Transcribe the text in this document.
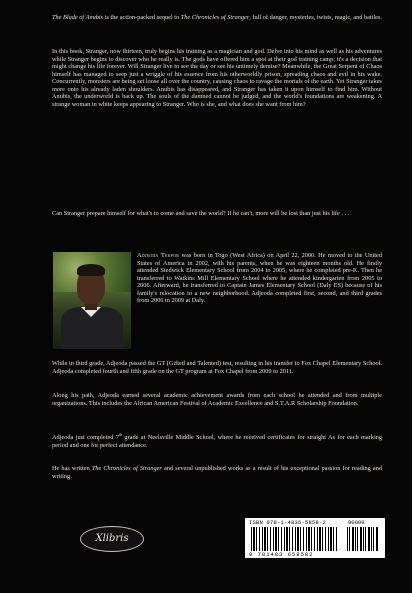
The Blade of Anubis is the action-packed sequel to The Chronicles of Stranger, full of danger, mysteries, twists, magic, and battles.

In this book, Stranger, now thirteen, truly begins his training as a magician and god. Delve into his mind as well as his adventures while Stranger begins to discover who he really is. The gods have offered him a spot at their god training camp; it's a decision that might change his life forever. Will Stranger live to see the day or see his untimely demise? Meanwhile, the Great Serpent of Chaos himself has managed to seep just a wriggle of his essence from his otherworldly prison, spreading chaos and evil in his wake. Concurrently, monsters are being set loose all over the country, causing chaos to ravage the mortals of the earth. Yet Stranger takes more onto his already laden shoulders. Anubis has disappeared, and Stranger has taken it upon himself to find him. Without Anubis, the underworld is back up. The souls of the damned cannot be judged, and the world's foundations are weakening. A strange woman in white keeps appearing to Stranger. Who is she, and what does she want from him?

Can Stranger prepare himself for what's to come and save the world? If he can't, more will be lost than just his life . . .

Adjeoda Tekpor was born in Togo (West Africa) on April 22, 2000. He moved to the United States of America in 2002, with his parents, when he was eighteen months old. He firstly attended Stedwick Elementary School from 2004 to 2005, where he completed pre-K. Then he transferred to Watkins Mill Elementary School where he attended kindergarten from 2005 to 2006. Afterward, he transferred to Captain James Elementary School (Daly ES) because of his family's relocation to a new neighborhood. Adjeoda completed first, second, and third grades from 2006 to 2009 at Daly.

While in third grade, Adjeoda passed the GT (Gifted and Talented) test, resulting in his transfer to Fox Chapel Elementary School. Adjeoda completed fourth and fifth grade on the GT program at Fox Chapel from 2009 to 2011.

Along his path, Adjeoda earned several academic achievement awards from each school he attended and from multiple organizations. This includes the African American Festival of Academic Excellence and S.T.A.R Scholarship Foundation.

Adjeoda just completed 7th grade at Neelsville Middle School, where he received certificates for straight As for each marking period and one for perfect attendance.

He has written The Chronicles of Stranger and several unpublished works as a result of his exceptional passion for reading and writing.

Xlibris
ISBN 978-1-4836-5858-2	90000
9 781483 658582
